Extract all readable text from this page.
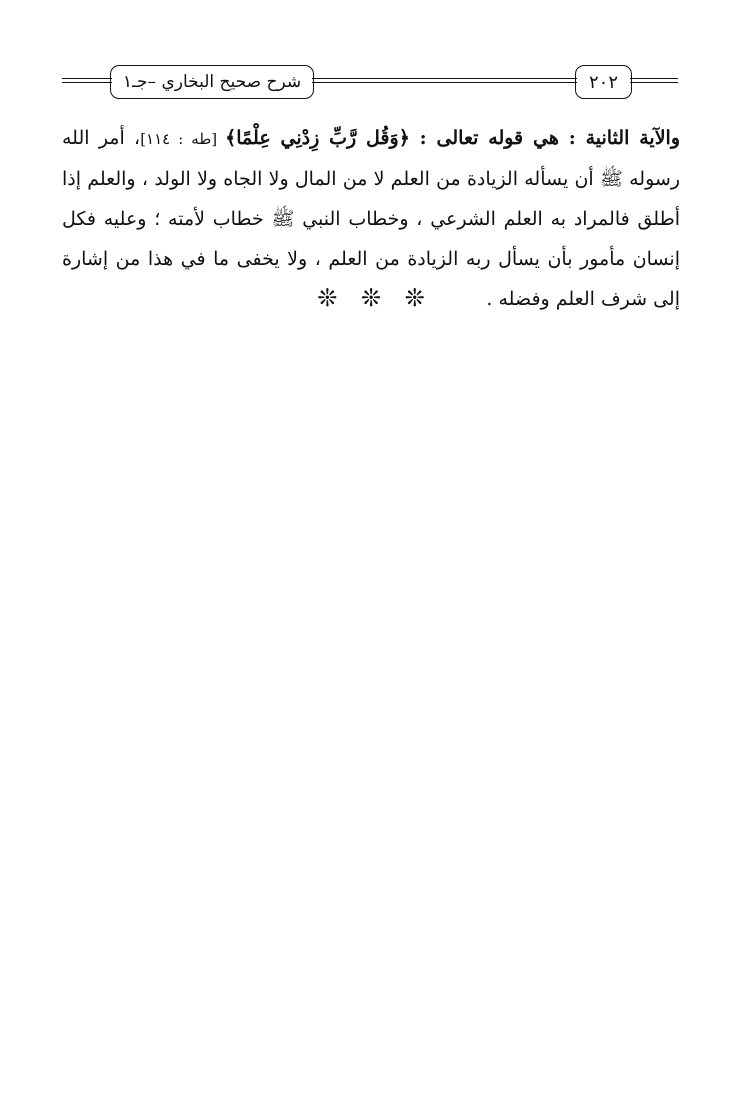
شرح صحيح البخاري –جـ١	٢٠٢

والآية الثانية : هي قوله تعالى : ﴿وَقُل رَّبِّ زِدْنِي عِلْمًا﴾ [طه : ١١٤]، أمر الله رسوله ﷺ أن يسأله الزيادة من العلم لا من المال ولا الجاه ولا الولد ، والعلم إذا أطلق فالمراد به العلم الشرعي ، وخطاب النبي ﷺ خطاب لأمته ؛ وعليه فكل إنسان مأمور بأن يسأل ربه الزيادة من العلم ، ولا يخفى ما في هذا من إشارة إلى شرف العلم وفضله .

❊ ❊ ❊
